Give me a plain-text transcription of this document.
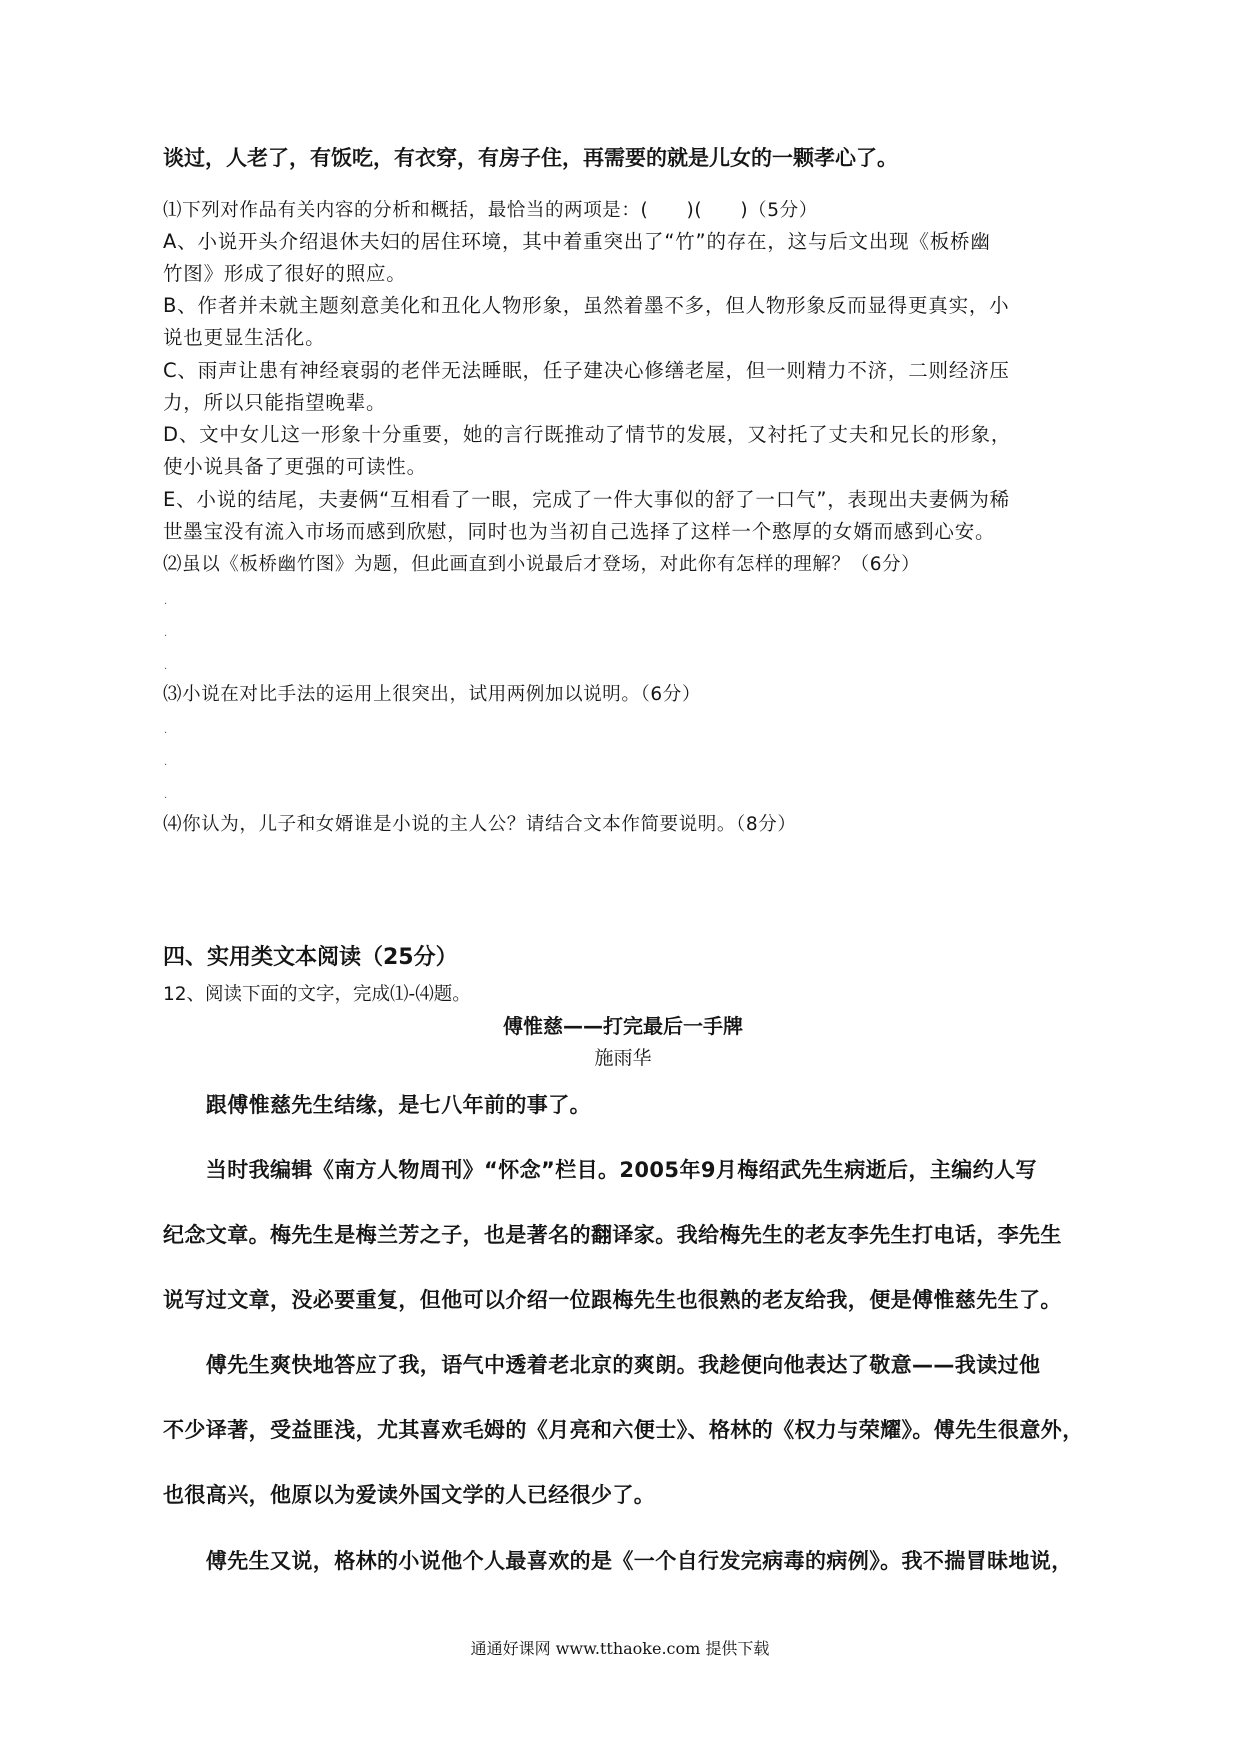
谈过，人老了，有饭吃，有衣穿，有房子住，再需要的就是儿女的一颗孝心了。

⑴下列对作品有关内容的分析和概括，最恰当的两项是：(　　)(　　)（5分）

A、小说开头介绍退休夫妇的居住环境，其中着重突出了“竹”的存在，这与后文出现《板桥幽

竹图》形成了很好的照应。

B、作者并未就主题刻意美化和丑化人物形象，虽然着墨不多，但人物形象反而显得更真实，小

说也更显生活化。

C、雨声让患有神经衰弱的老伴无法睡眠，任子建决心修缮老屋，但一则精力不济，二则经济压

力，所以只能指望晚辈。

D、文中女儿这一形象十分重要，她的言行既推动了情节的发展，又衬托了丈夫和兄长的形象，

使小说具备了更强的可读性。

E、小说的结尾，夫妻俩“互相看了一眼，完成了一件大事似的舒了一口气”，表现出夫妻俩为稀

世墨宝没有流入市场而感到欣慰，同时也为当初自己选择了这样一个憨厚的女婿而感到心安。

⑵虽以《板桥幽竹图》为题，但此画直到小说最后才登场，对此你有怎样的理解？（6分）

.
.
.

⑶小说在对比手法的运用上很突出，试用两例加以说明。（6分）

.
.
.

⑷你认为，儿子和女婿谁是小说的主人公？请结合文本作简要说明。（8分）

四、实用类文本阅读（25分）

12、阅读下面的文字，完成⑴-⑷题。

傅惟慈——打完最后一手牌

施雨华

　　跟傅惟慈先生结缘，是七八年前的事了。

　　当时我编辑《南方人物周刊》“怀念”栏目。2005年9月梅绍武先生病逝后，主编约人写

纪念文章。梅先生是梅兰芳之子，也是著名的翻译家。我给梅先生的老友李先生打电话，李先生

说写过文章，没必要重复，但他可以介绍一位跟梅先生也很熟的老友给我，便是傅惟慈先生了。

　　傅先生爽快地答应了我，语气中透着老北京的爽朗。我趁便向他表达了敬意——我读过他

不少译著，受益匪浅，尤其喜欢毛姆的《月亮和六便士》、格林的《权力与荣耀》。傅先生很意外，

也很高兴，他原以为爱读外国文学的人已经很少了。

　　傅先生又说，格林的小说他个人最喜欢的是《一个自行发完病毒的病例》。我不揣冒昧地说，

通通好课网 www.tthaoke.com 提供下载
